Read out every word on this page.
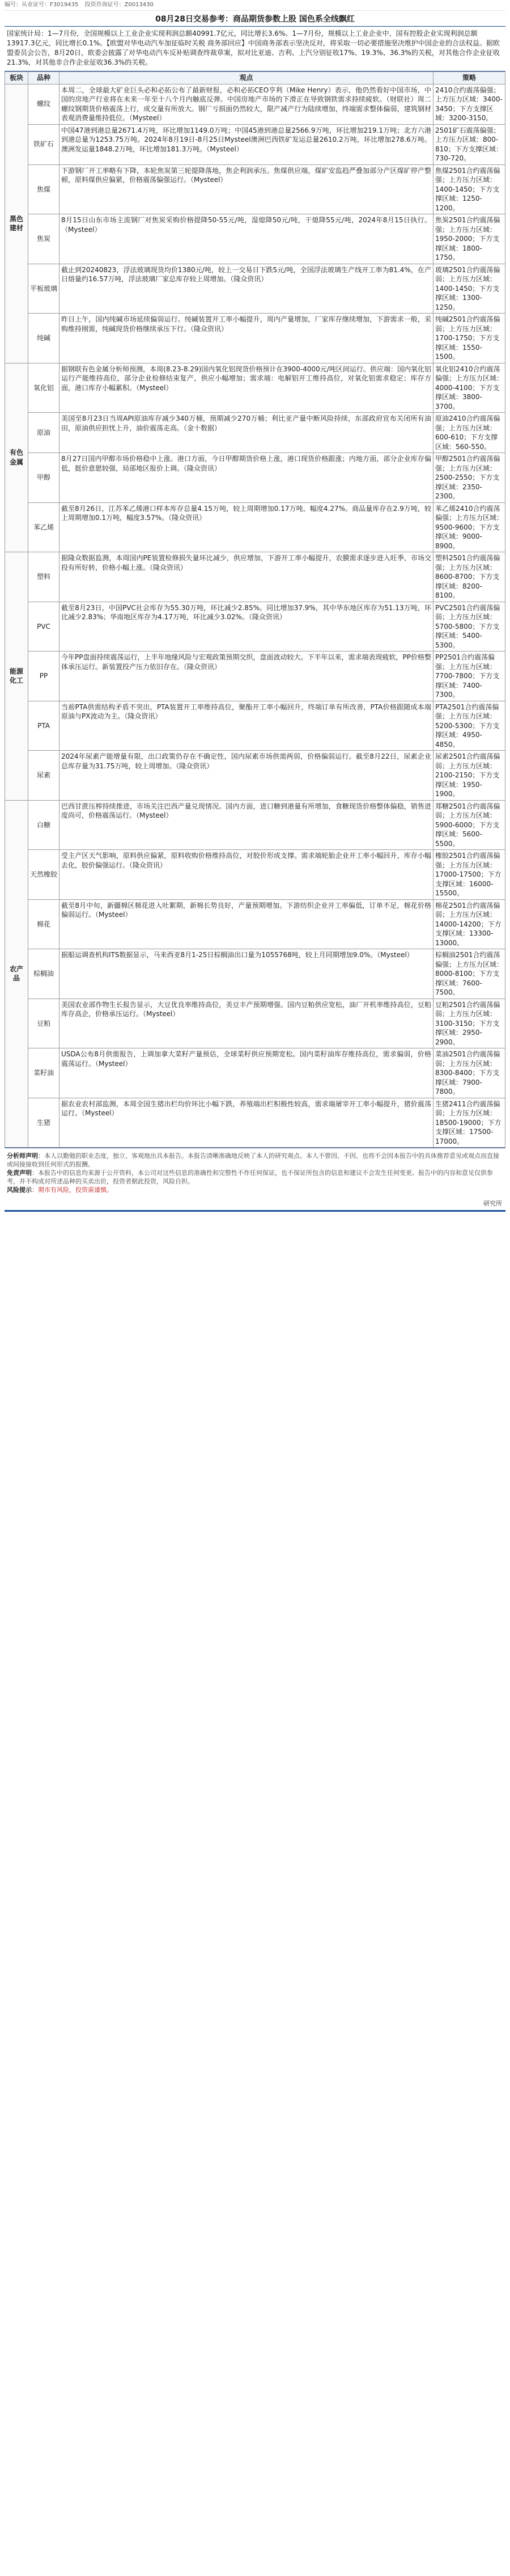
编号：从业证号：F3019435 投资咨询证号：Z0013430
08月28日交易参考：商品期货参数上股 国色系全线飘红
国家统计局：1—7月份，全国规模以上工业企业实现利润总额40991.7亿元，同比增长3.6%。1—7月份，规模以上工业企业中，国有控股企业实现利润总额13917.3亿元，同比增长0.1%。【欧盟对华电动汽车加征临时关税 商务部回应】中国商务部表示坚决反对，将采取一切必要措施坚决维护中国企业的合法权益。据欧盟委员会公告，8月20日，欧委会披露了对华电动汽车反补贴调查终裁草案，拟对比亚迪、吉利、上汽分别征收17%、19.3%、36.3%的关税，对其他合作企业征收21.3%，对其他非合作企业征收36.3%的关税。
板块	品种	观点	策略
黑色建材	螺纹	本周二，全球最大矿业巨头必和必拓公布了最新财报，必和必拓CEO亨利（Mike Henry）表示，他仍然看好中国市场，中国的房地产行业将在未来一年至十八个月内触底反弹。中国房地产市场的下滑正在导致钢铁需求持续疲软。（财联社）周二螺纹钢期货价格震荡上行，成交量有所放大。钢厂亏损面仍然较大，限产减产行为陆续增加，终端需求整体偏弱，建筑钢材表观消费量维持低位。（Mysteel）	2410合约震荡偏强；上方压力区域：3400-3450；下方支撑区域：3200-3150。
	铁矿石	中国47港到港总量2671.4万吨，环比增加1149.0万吨；中国45港到港总量2566.9万吨，环比增加219.1万吨；北方六港到港总量为1253.75万吨。2024年8月19日-8月25日Mysteel澳洲巴西铁矿发运总量2610.2万吨，环比增加278.6万吨。澳洲发运量1848.2万吨，环比增加181.3万吨。（Mysteel）	2501矿石震荡偏强；上方压力区域：800-810；下方支撑区域：730-720。
	焦煤	下游钢厂开工率略有下降，本轮焦炭第三轮提降落地，焦企利润承压。焦煤供应端，煤矿安监趋严叠加部分产区煤矿停产整顿，原料煤供应偏紧，价格震荡偏强运行。（Mysteel）	焦煤2501合约震荡偏强；上方压力区域：1400-1450；下方支撑区域：1250-1200。
	焦炭	8月15日山东市场主流钢厂对焦炭采购价格提降50-55元/吨，湿熄降50元/吨，干熄降55元/吨，2024年8月15日执行。（Mysteel）	焦炭2501合约震荡偏强；上方压力区域：1950-2000；下方支撑区域：1800-1750。
	平板玻璃	截止到20240823，浮法玻璃现货均价1380元/吨，较上一交易日下跌5元/吨，全国浮法玻璃生产线开工率为81.4%，在产日熔量约16.57万吨，浮法玻璃厂家总库存较上周增加。（隆众资讯）	玻璃2501合约震荡偏弱；上方压力区域：1400-1450；下方支撑区域：1300-1250。
	纯碱	昨日上午，国内纯碱市场延续偏弱运行。纯碱装置开工率小幅提升，周内产量增加，厂家库存继续增加，下游需求一般，采购维持刚需，纯碱现货价格继续承压下行。（隆众资讯）	纯碱2501合约震荡偏弱；上方压力区域：1700-1750；下方支撑区域：1550-1500。
有色金属	氧化铝	据钢联有色金属分析师预测，本周(8.23-8.29)国内氧化铝现货价格预计在3900-4000元/吨区间运行。供应端：国内氧化铝运行产能维持高位，部分企业检修结束复产，供应小幅增加；需求端：电解铝开工维持高位，对氧化铝需求稳定；库存方面，港口库存小幅累积。（Mysteel）	氧化铝2410合约震荡偏强；上方压力区域：4000-4100；下方支撑区域：3800-3700。
	原油	美国至8月23日当周API原油库存减少340万桶，预期减少270万桶；利比亚产量中断风险持续，东部政府宣布关闭所有油田，原油供应担忧上升，油价震荡走高。（金十数据）	原油2410合约震荡偏强；上方压力区域：600-610；下方支撑区域：560-550。
	甲醇	8月27日国内甲醇市场价格稳中上涨。港口方面，今日甲醇期货价格上涨，港口现货价格跟涨；内地方面，部分企业库存偏低，挺价意愿较强，局部地区报价上调。（隆众资讯）	甲醇2501合约震荡偏强；上方压力区域：2500-2550；下方支撑区域：2350-2300。
	苯乙烯	截至8月26日，江苏苯乙烯港口样本库存总量4.15万吨，较上周期增加0.17万吨，幅度4.27%。商品量库存在2.9万吨，较上周期增加0.1万吨，幅度3.57%。（隆众资讯）	苯乙烯2410合约震荡偏强；上方压力区域：9500-9600；下方支撑区域：9000-8900。
能源化工	塑料	据隆众数据监测，本周国内PE装置检修损失量环比减少，供应增加，下游开工率小幅提升，农膜需求逐步进入旺季，市场交投有所好转，价格小幅上涨。（隆众资讯）	塑料2501合约震荡偏强；上方压力区域：8600-8700；下方支撑区域：8200-8100。
	PVC	截至8月23日，中国PVC社会库存为55.30万吨，环比减少2.85%。同比增加37.9%，其中华东地区库存为51.13万吨，环比减少2.83%；华南地区库存为4.17万吨，环比减少3.02%。（隆众资讯）	PVC2501合约震荡偏弱；上方压力区域：5700-5800；下方支撑区域：5400-5300。
	PP	今年PP盘面持续震荡运行，上半年地缘风险与宏观政策预期交织，盘面波动较大。下半年以来，需求端表现疲软，PP价格整体承压运行。新装置投产压力依旧存在。（隆众资讯）	PP2501合约震荡偏强；上方压力区域：7700-7800；下方支撑区域：7400-7300。
	PTA	当前PTA供需结构矛盾不突出，PTA装置开工率维持高位，聚酯开工率小幅回升，终端订单有所改善，PTA价格跟随成本端原油与PX波动为主。（隆众资讯）	PTA2501合约震荡偏强；上方压力区域：5200-5300；下方支撑区域：4950-4850。
	尿素	2024年尿素产能增量有限，出口政策仍存在不确定性，国内尿素市场供需两弱，价格偏弱运行。截至8月22日，尿素企业总库存量为31.75万吨，较上周增加。（隆众资讯）	尿素2501合约震荡偏弱；上方压力区域：2100-2150；下方支撑区域：1950-1900。
农产品	白糖	巴西甘蔗压榨持续推进，市场关注巴西产量兑现情况。国内方面，进口糖到港量有所增加，食糖现货价格整体偏稳，销售进度尚可，价格震荡运行。（Mysteel）	郑糖2501合约震荡偏弱；上方压力区域：5900-6000；下方支撑区域：5600-5500。
	天然橡胶	受主产区天气影响，原料供应偏紧，原料收购价格维持高位，对胶价形成支撑。需求端轮胎企业开工率小幅回升，库存小幅去化，胶价偏强运行。（隆众资讯）	橡胶2501合约震荡偏强；上方压力区域：17000-17500；下方支撑区域：16000-15500。
	棉花	截至8月中旬，新疆棉区棉花进入吐絮期，新棉长势良好，产量预期增加。下游纺织企业开工率偏低，订单不足，棉花价格偏弱运行。（Mysteel）	棉花2501合约震荡偏弱；上方压力区域：14000-14200；下方支撑区域：13300-13000。
	棕榈油	据船运调查机构ITS数据显示，马来西亚8月1-25日棕榈油出口量为1055768吨，较上月同期增加9.0%。（Mysteel）	棕榈油2501合约震荡偏强；上方压力区域：8000-8100；下方支撑区域：7600-7500。
	豆粕	美国农业部作物生长报告显示，大豆优良率维持高位，美豆丰产预期增强。国内豆粕供应宽松，油厂开机率维持高位，豆粕库存高企，价格承压运行。（Mysteel）	豆粕2501合约震荡偏弱；上方压力区域：3100-3150；下方支撑区域：2950-2900。
	菜籽油	USDA公布8月供需报告，上调加拿大菜籽产量预估，全球菜籽供应预期宽松。国内菜籽油库存维持高位，需求偏弱，价格震荡运行。（Mysteel）	菜油2501合约震荡偏弱；上方压力区域：8300-8400；下方支撑区域：7900-7800。
	生猪	据农业农村部监测，本周全国生猪出栏均价环比小幅下跌，养殖端出栏积极性较高，需求端屠宰开工率小幅提升，猪价震荡运行。（Mysteel）	生猪2411合约震荡偏弱；上方压力区域：18500-19000；下方支撑区域：17500-17000。
分析师声明：本人以勤勉的职业态度，独立、客观地出具本报告。本报告清晰准确地反映了本人的研究观点。本人不曾因、不因、也将不会因本报告中的具体推荐意见或观点而直接或间接接收到任何形式的报酬。
免责声明：本报告中的信息均来源于公开资料，本公司对这些信息的准确性和完整性不作任何保证，也不保证所包含的信息和建议不会发生任何变更。报告中的内容和意见仅供参考，并不构成对所述品种的买卖出价，投资者据此投资，风险自担。
风险提示：期市有风险，投资需谨慎。
研究所
